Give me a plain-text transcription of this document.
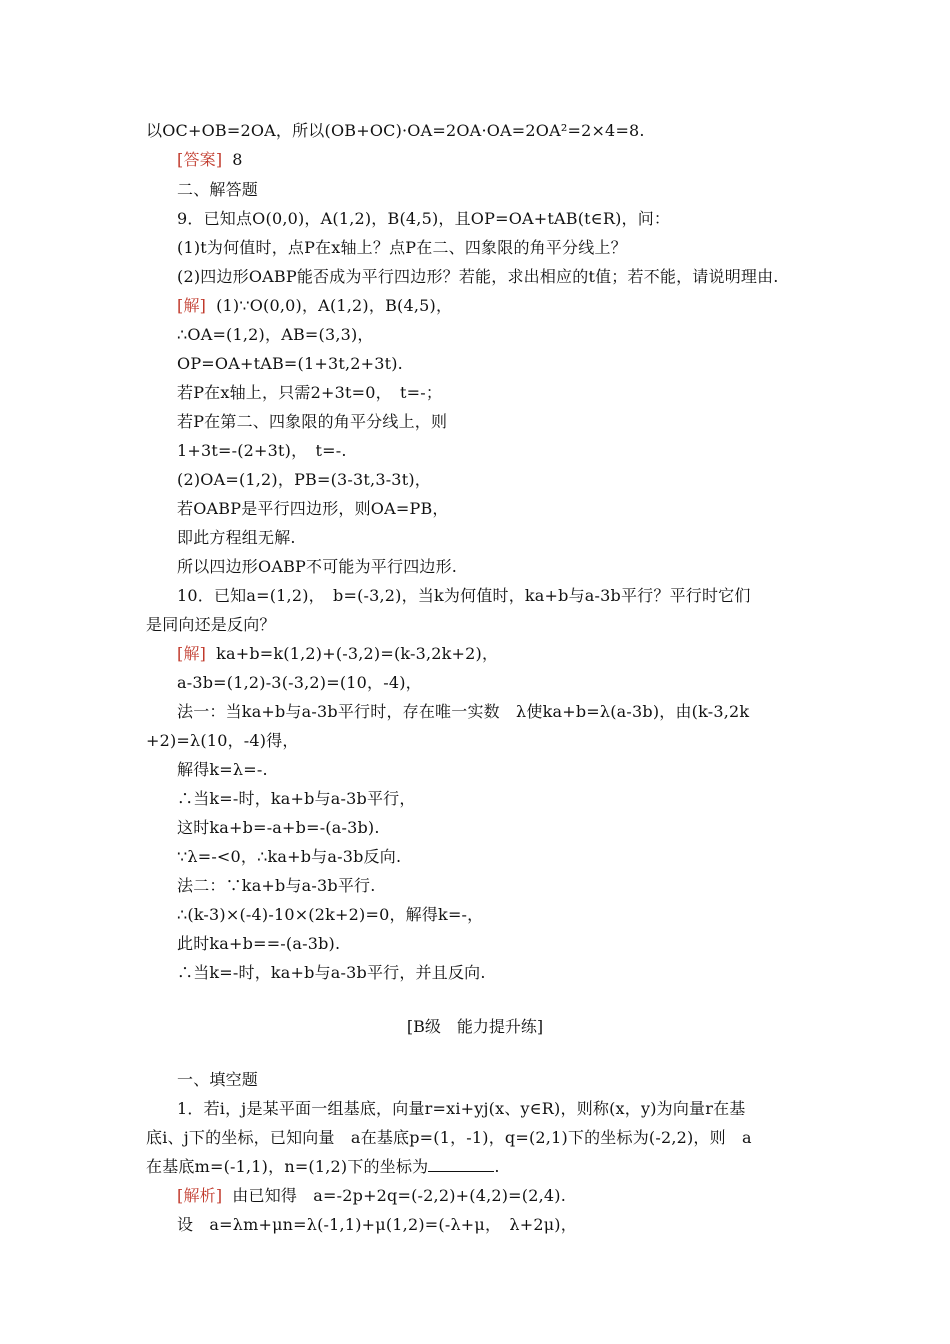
以OC+OB=2OA，所以(OB+OC)·OA=2OA·OA=2OA²=2×4=8.
[答案] 8
二、解答题
9．已知点O(0,0)，A(1,2)，B(4,5)，且OP=OA+tAB(t∈R)，问：
(1)t为何值时，点P在x轴上？点P在二、四象限的角平分线上？
(2)四边形OABP能否成为平行四边形？若能，求出相应的t值；若不能，请说明理由.
[解] (1)∵O(0,0)，A(1,2)，B(4,5)，
∴OA=(1,2)，AB=(3,3)，
OP=OA+tAB=(1+3t,2+3t).
若P在x轴上，只需2+3t=0，　t=-；
若P在第二、四象限的角平分线上，则
1+3t=-(2+3t)，　t=-.
(2)OA=(1,2)，PB=(3-3t,3-3t)，
若OABP是平行四边形，则OA=PB，
即此方程组无解.
所以四边形OABP不可能为平行四边形.
10．已知a=(1,2)，　b=(-3,2)，当k为何值时，ka+b与a-3b平行？平行时它们
是同向还是反向？
[解] ka+b=k(1,2)+(-3,2)=(k-3,2k+2)，
a-3b=(1,2)-3(-3,2)=(10，-4)，
法一：当ka+b与a-3b平行时，存在唯一实数　λ使ka+b=λ(a-3b)，由(k-3,2k
+2)=λ(10，-4)得，
解得k=λ=-.
∴当k=-时，ka+b与a-3b平行，
这时ka+b=-a+b=-(a-3b).
∵λ=-<0，∴ka+b与a-3b反向.
法二：∵ka+b与a-3b平行.
∴(k-3)×(-4)-10×(2k+2)=0，解得k=-，
此时ka+b==-(a-3b).
∴当k=-时，ka+b与a-3b平行，并且反向.
[B级　能力提升练]
一、填空题
1．若i，j是某平面一组基底，向量r=xi+yj(x、y∈R)，则称(x，y)为向量r在基
底i、j下的坐标，已知向量　a在基底p=(1，-1)，q=(2,1)下的坐标为(-2,2)，则　a
在基底m=(-1,1)，n=(1,2)下的坐标为	.
[解析] 由已知得　a=-2p+2q=(-2,2)+(4,2)=(2,4).
设　a=λm+μn=λ(-1,1)+μ(1,2)=(-λ+μ，　λ+2μ)，
